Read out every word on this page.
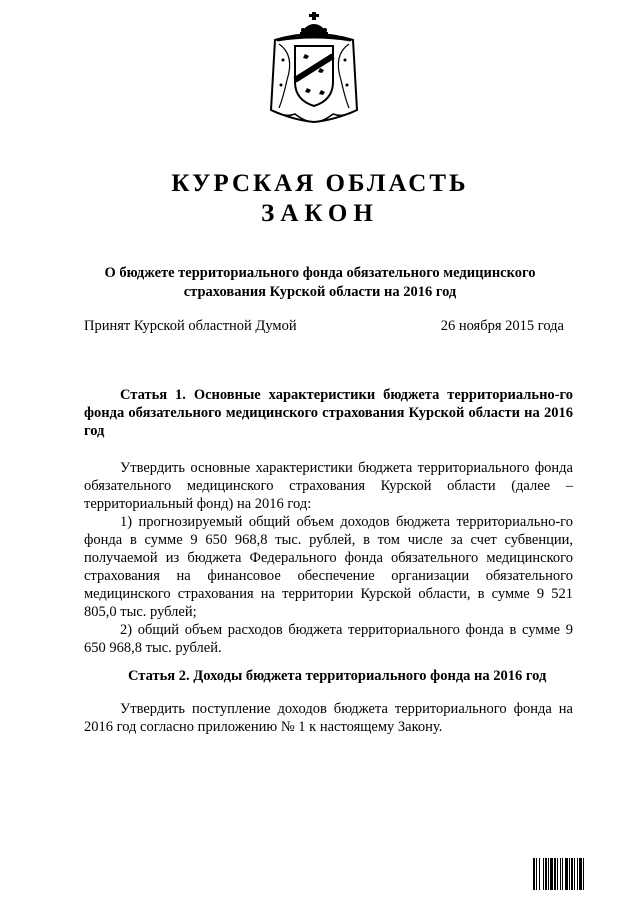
КУРСКАЯ ОБЛАСТЬ
ЗАКОН
О бюджете территориального фонда обязательного медицинского
страхования Курской области на 2016 год
Принят Курской областной Думой	26 ноября 2015 года

Статья 1. Основные характеристики бюджета территориально-го фонда обязательного медицинского страхования Курской области на 2016 год

Утвердить основные характеристики бюджета территориального фонда обязательного медицинского страхования Курской области (далее – территориальный фонд) на 2016 год:

1) прогнозируемый общий объем доходов бюджета территориально-го фонда в сумме 9 650 968,8 тыс. рублей, в том числе за счет субвенции, получаемой из бюджета Федерального фонда обязательного медицинского страхования на финансовое обеспечение организации обязательного медицинского страхования на территории Курской области, в сумме 9 521 805,0 тыс. рублей;

2) общий объем расходов бюджета территориального фонда в сумме 9 650 968,8 тыс. рублей.

Статья 2. Доходы бюджета территориального фонда на 2016 год

Утвердить поступление доходов бюджета территориального фонда на 2016 год согласно приложению № 1 к настоящему Закону.
